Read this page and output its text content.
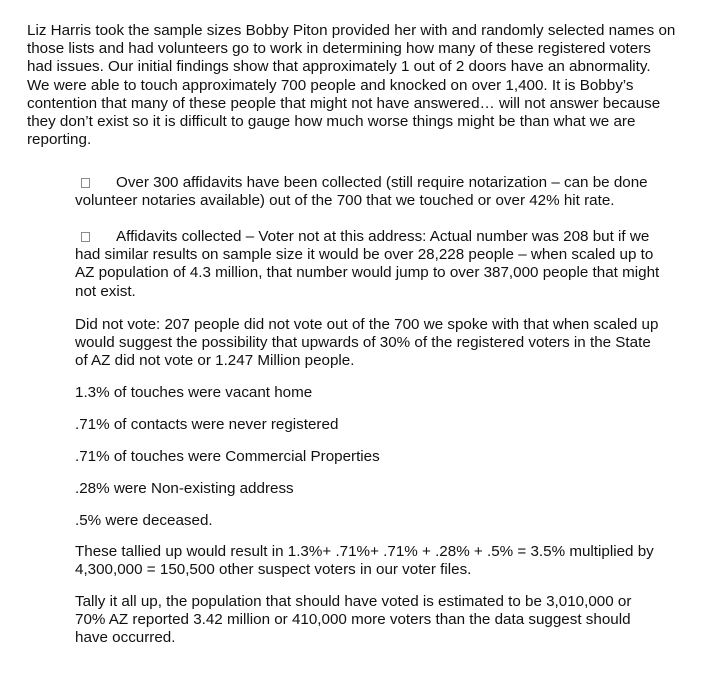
Liz Harris took the sample sizes Bobby Piton provided her with and randomly selected names on those lists and had volunteers go to work in determining how many of these registered voters had issues. Our initial findings show that approximately 1 out of 2 doors have an abnormality. We were able to touch approximately 700 people and knocked on over 1,400. It is Bobby’s contention that many of these people that might not have answered… will not answer because they don’t exist so it is difficult to gauge how much worse things might be than what we are reporting.

Over 300 affidavits have been collected (still require notarization – can be done volunteer notaries available) out of the 700 that we touched or over 42% hit rate.

Affidavits collected – Voter not at this address: Actual number was 208 but if we had similar results on sample size it would be over 28,228 people – when scaled up to AZ population of 4.3 million, that number would jump to over 387,000 people that might not exist.

Did not vote: 207 people did not vote out of the 700 we spoke with that when scaled up would suggest the possibility that upwards of 30% of the registered voters in the State of AZ did not vote or 1.247 Million people.

1.3% of touches were vacant home

.71% of contacts were never registered

.71% of touches were Commercial Properties

.28% were Non-existing address

.5% were deceased.

These tallied up would result in 1.3%+ .71%+ .71% + .28% + .5% = 3.5% multiplied by 4,300,000 = 150,500 other suspect voters in our voter files.

Tally it all up, the population that should have voted is estimated to be 3,010,000 or 70% AZ reported 3.42 million or 410,000 more voters than the data suggest should have occurred.
